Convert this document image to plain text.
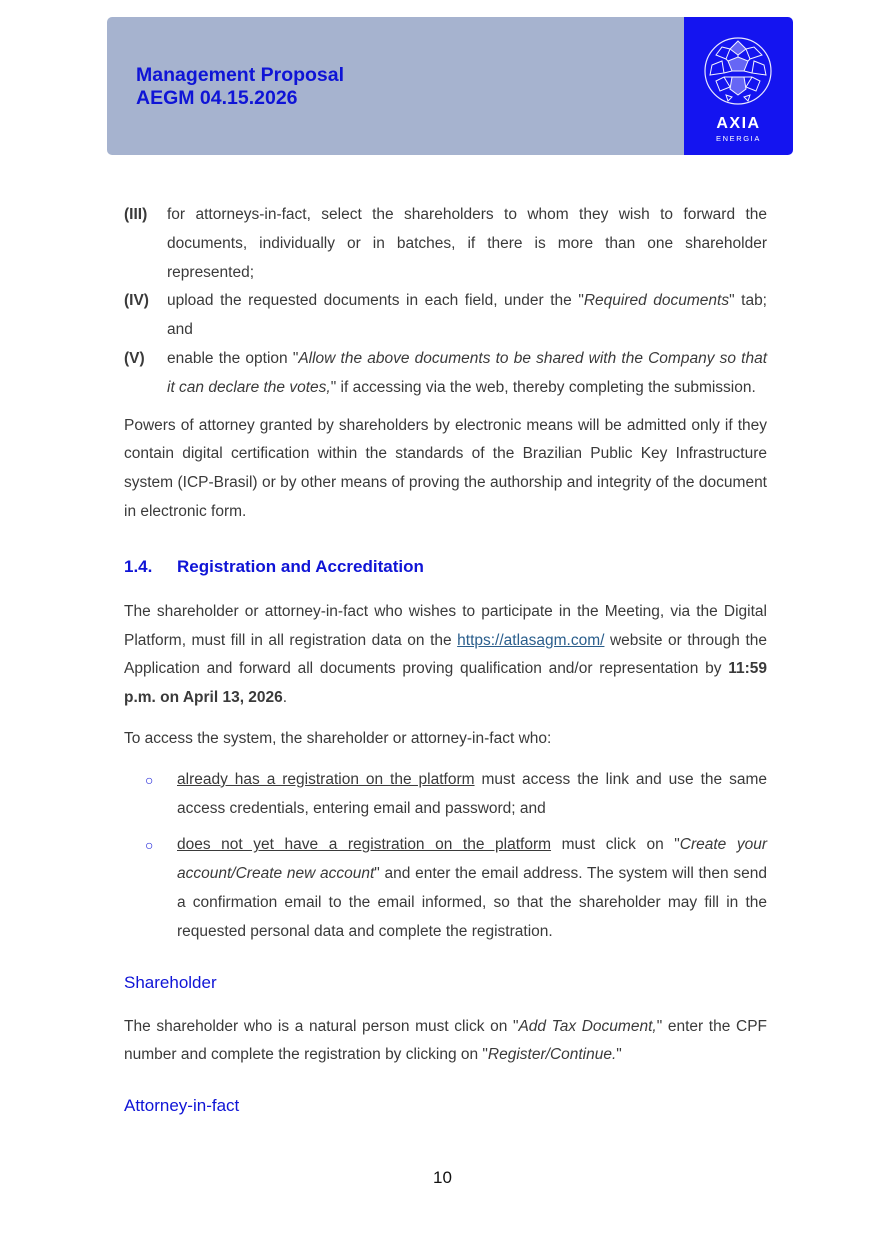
Management Proposal
AEGM 04.15.2026
AXIA
ENERGIA

(III) for attorneys-in-fact, select the shareholders to whom they wish to forward the documents, individually or in batches, if there is more than one shareholder represented;

(IV) upload the requested documents in each field, under the "Required documents" tab; and

(V) enable the option "Allow the above documents to be shared with the Company so that it can declare the votes," if accessing via the web, thereby completing the submission.

Powers of attorney granted by shareholders by electronic means will be admitted only if they contain digital certification within the standards of the Brazilian Public Key Infrastructure system (ICP-Brasil) or by other means of proving the authorship and integrity of the document in electronic form.

1.4. Registration and Accreditation

The shareholder or attorney-in-fact who wishes to participate in the Meeting, via the Digital Platform, must fill in all registration data on the https://atlasagm.com/ website or through the Application and forward all documents proving qualification and/or representation by 11:59 p.m. on April 13, 2026.

To access the system, the shareholder or attorney-in-fact who:

○ already has a registration on the platform must access the link and use the same access credentials, entering email and password; and

○ does not yet have a registration on the platform must click on "Create your account/Create new account" and enter the email address. The system will then send a confirmation email to the email informed, so that the shareholder may fill in the requested personal data and complete the registration.

Shareholder

The shareholder who is a natural person must click on "Add Tax Document," enter the CPF number and complete the registration by clicking on "Register/Continue."

Attorney-in-fact
10
